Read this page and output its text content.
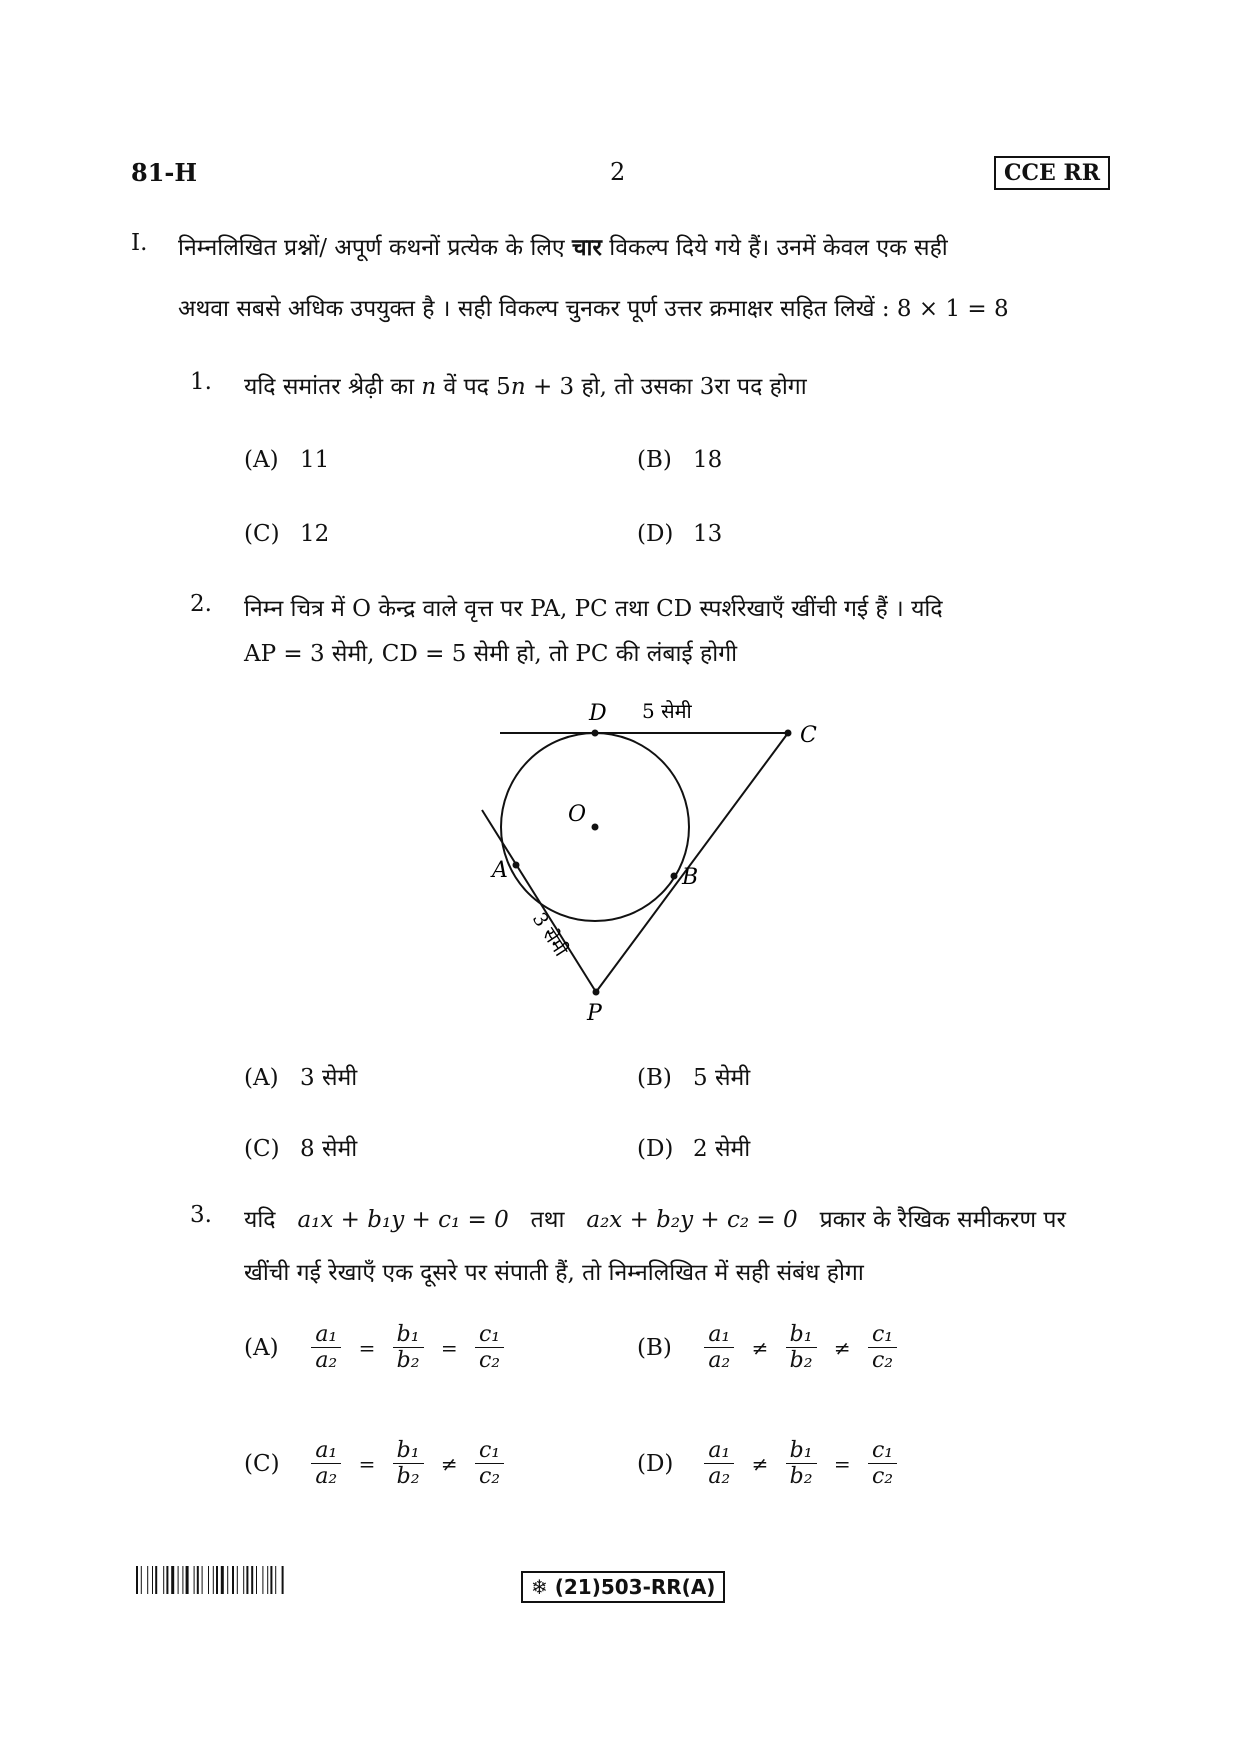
81-H	2	CCE RR
I. निम्नलिखित प्रश्नों/ अपूर्ण कथनों प्रत्येक के लिए चार विकल्प दिये गये हैं। उनमें केवल एक सही
अथवा सबसे अधिक उपयुक्त है । सही विकल्प चुनकर पूर्ण उत्तर क्रमाक्षर सहित लिखें : 8 × 1 = 8
1. यदि समांतर श्रेढ़ी का n वें पद 5n + 3 हो, तो उसका 3रा पद होगा
(A) 11	(B) 18
(C) 12	(D) 13
2. निम्न चित्र में O केन्द्र वाले वृत्त पर PA, PC तथा CD स्पर्शरेखाएँ खींची गई हैं । यदि
AP = 3 सेमी, CD = 5 सेमी हो, तो PC की लंबाई होगी
D 5 सेमी
C
O
A	B
P
3 सेमी
(A) 3 सेमी	(B) 5 सेमी
(C) 8 सेमी	(D) 2 सेमी
3. यदि a₁x + b₁y + c₁ = 0 तथा a₂x + b₂y + c₂ = 0 प्रकार के रैखिक समीकरण पर
खींची गई रेखाएँ एक दूसरे पर संपाती हैं, तो निम्नलिखित में सही संबंध होगा
$(A) \frac{\text{a₁}}{\text{a₂}} = \frac{\text{b₁}}{\text{b₂}} = \frac{\text{c₁}}{\text{c₂}}$	$(B) \frac{\text{a₁}}{\text{a₂}} \ne \frac{\text{b₁}}{\text{b₂}} \ne \frac{\text{c₁}}{\text{c₂}}$
$(C) \frac{\text{a₁}}{\text{a₂}} = \frac{\text{b₁}}{\text{b₂}} \ne \frac{\text{c₁}}{\text{c₂}}$	$(D) \frac{\text{a₁}}{\text{a₂}} \ne \frac{\text{b₁}}{\text{b₂}} = \frac{\text{c₁}}{\text{c₂}}$
❄ (21)503-RR(A)
